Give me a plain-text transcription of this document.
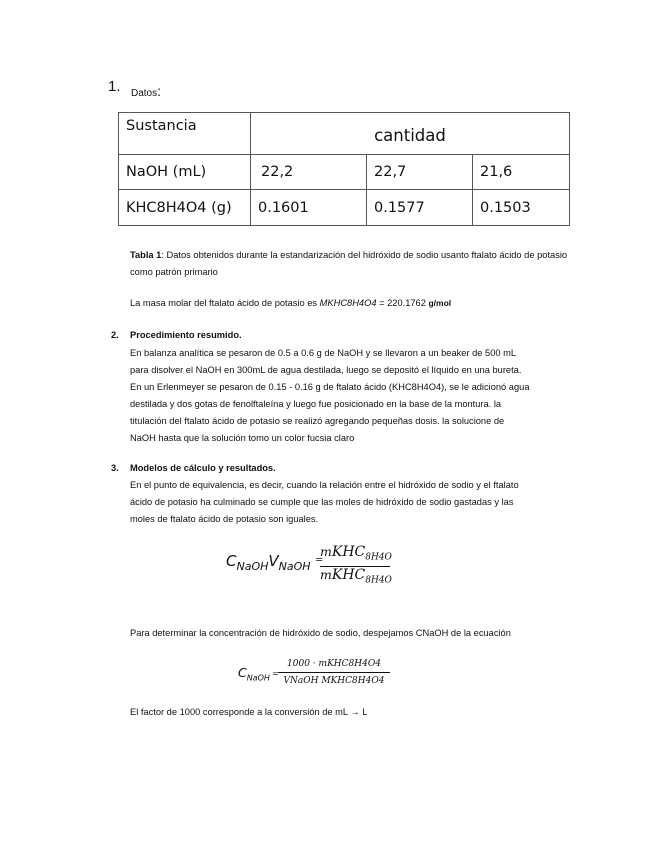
1. Datos:
Sustancia	cantidad		
NaOH (mL)	22,2	22,7	21,6
KHC8H4O4 (g)	0.1601	0.1577	0.1503
Tabla 1: Datos obtenidos durante la estandarización del hidróxido de sodio usanto ftalato ácido de potasio como patrón primario
La masa molar del ftalato ácido de potasio es MKHC8H4O4 = 220.1762 g/mol
2. Procedimiento resumido.
En balanza analítica se pesaron de 0.5 a 0.6 g de NaOH y se llevaron a un beaker de 500 mL
para disolver el NaOH en 300mL de agua destilada, luego se depositó el líquido en una bureta.
En un Erlenmeyer se pesaron de 0.15 - 0.16 g de ftalato ácido (KHC8H4O4), se le adicionó agua
destilada y dos gotas de fenolftaleína y luego fue posicionado en la base de la montura. la
titulación del ftalato ácido de potasio se realizó agregando pequeñas dosis. la solucione de
NaOH hasta que la solución tomo un color fucsia claro
3. Modelos de cálculo y resultados.
En el punto de equivalencia, es decir, cuando la relación entre el hidróxido de sodio y el ftalato
ácido de potasio ha culminado se cumple que las moles de hidróxido de sodio gastadas y las
moles de ftalato ácido de potasio son iguales.
$C_{NaOH}V_{NaOH}$ =
mKHC$_{8H4O}$
mKHC$_{8H4O}$
Para determinar la concentración de hidróxido de sodio, despejamos CNaOH de la ecuación
$C_{NaOH}$ =
1000 · mKHC8H4O4
VNaOH MKHC8H4O4
El factor de 1000 corresponde a la conversión de mL → L
